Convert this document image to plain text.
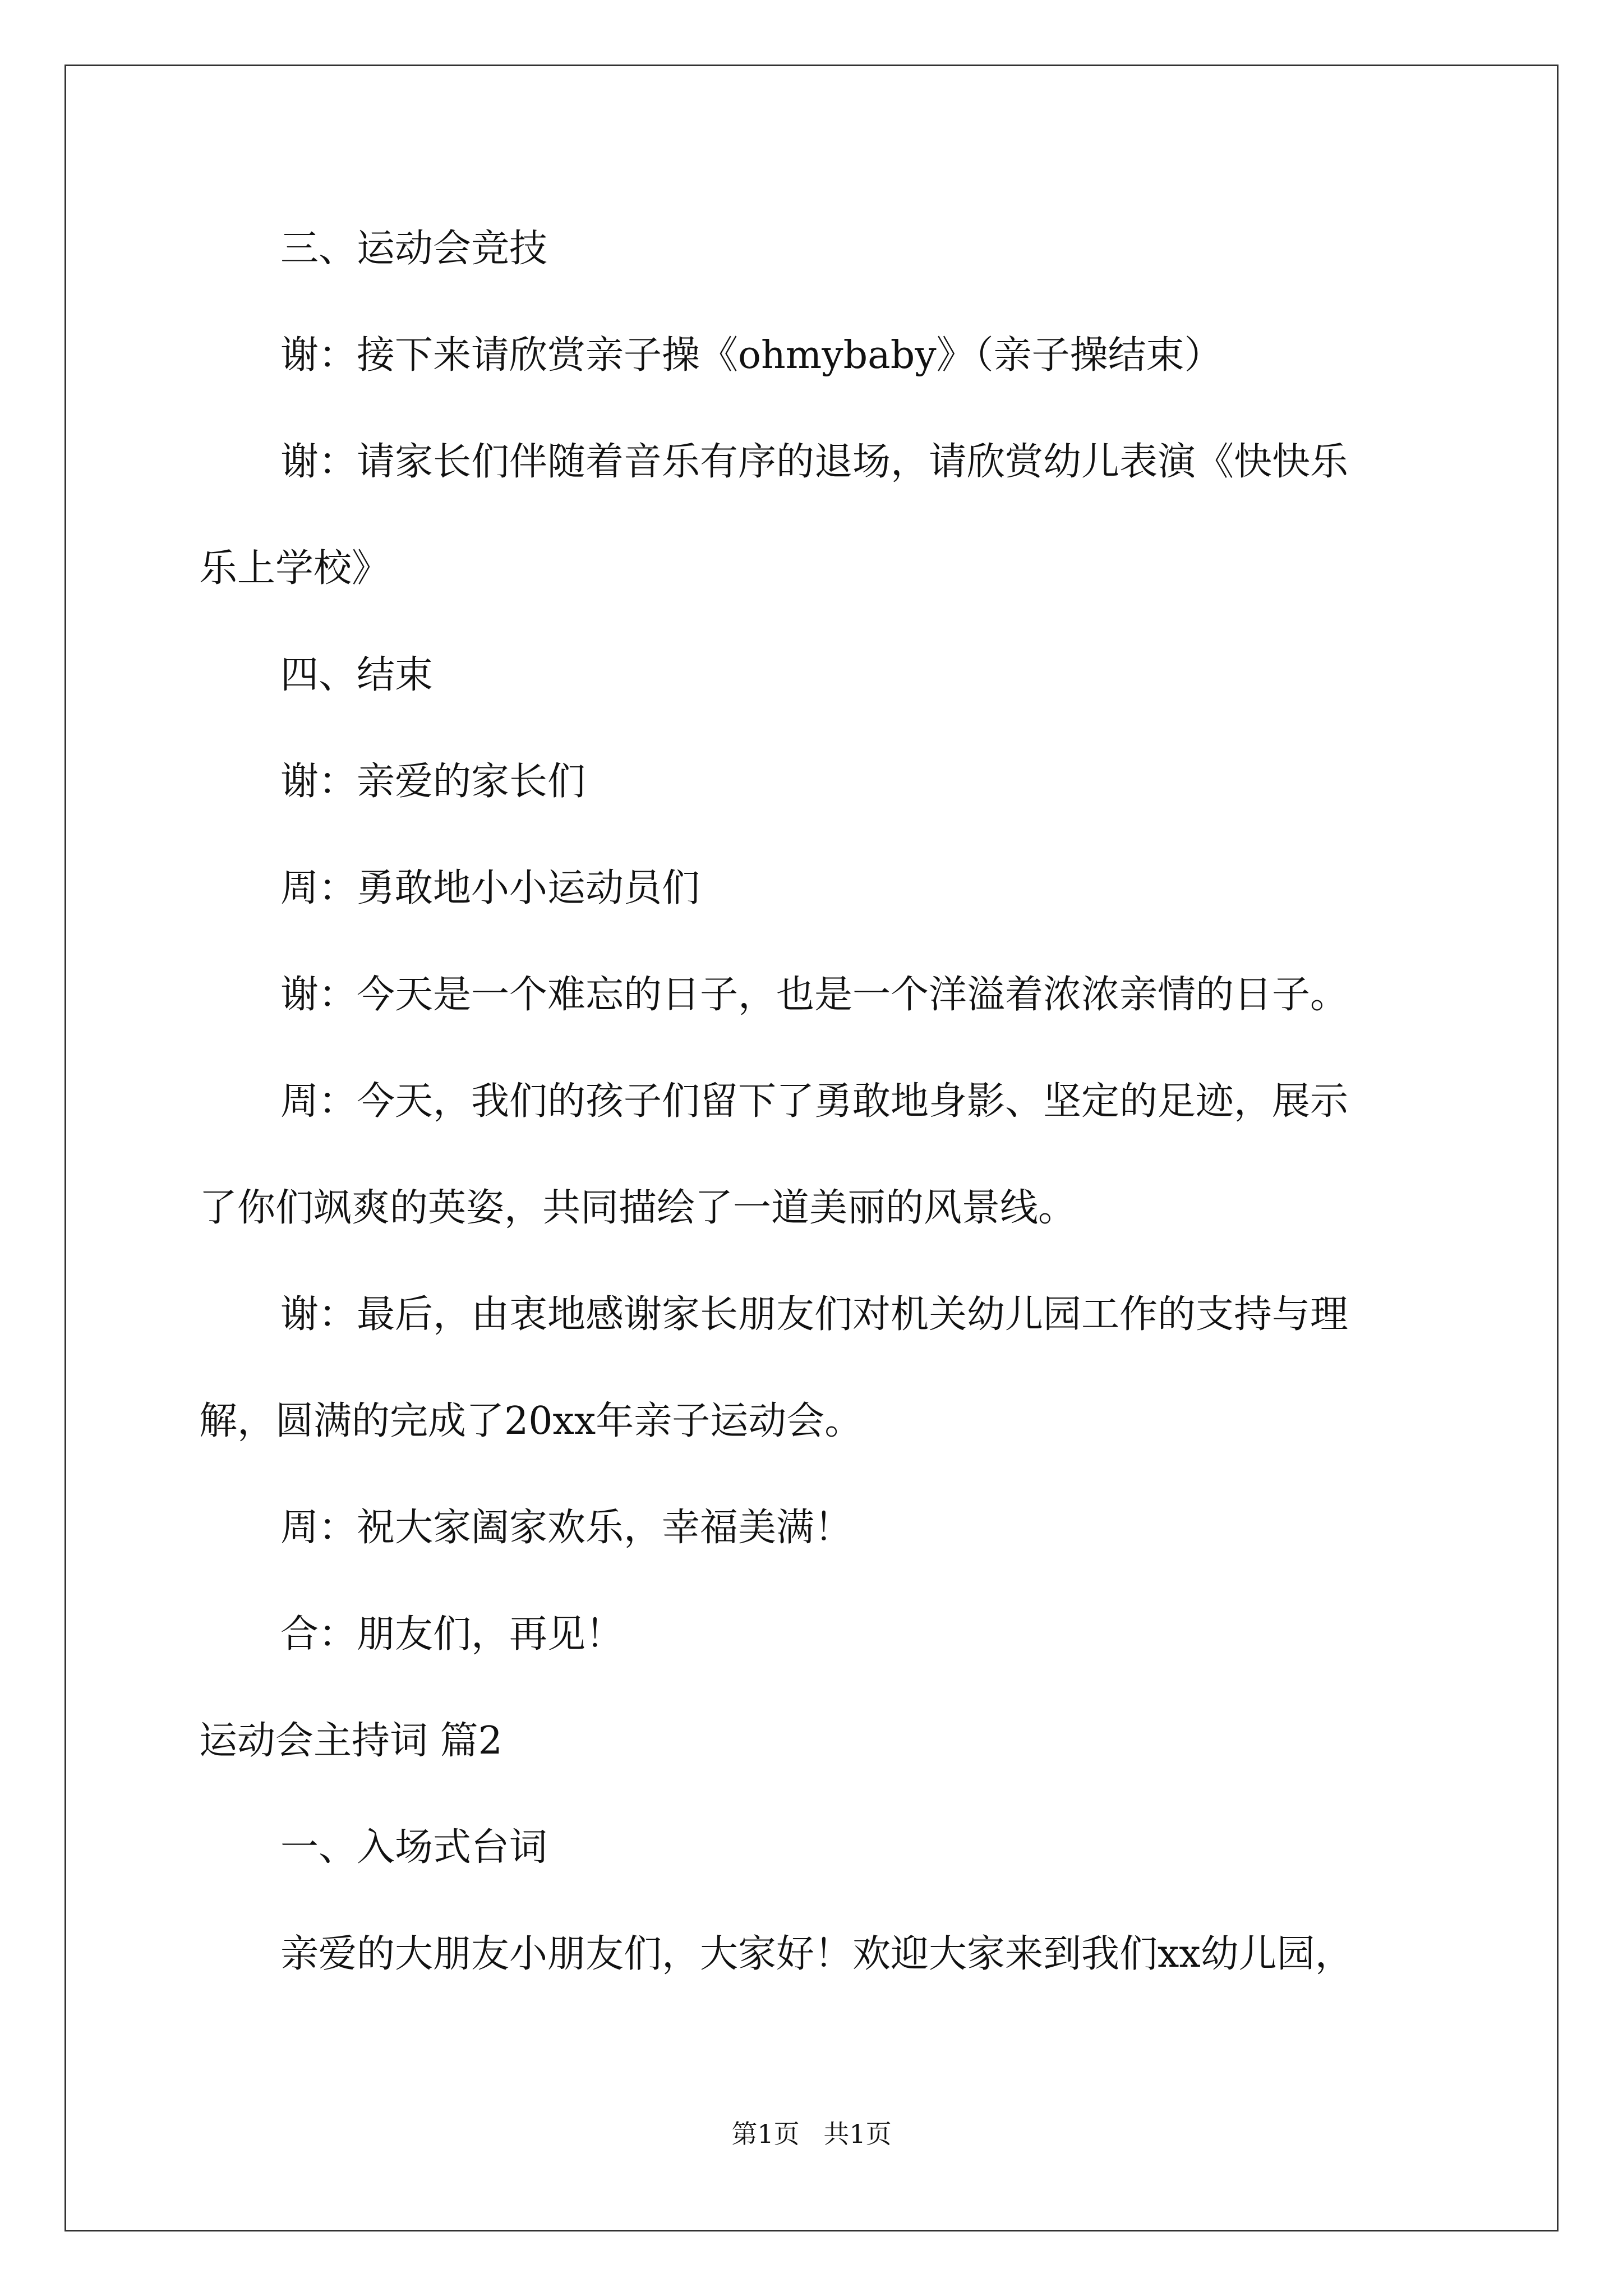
三、运动会竞技
谢：接下来请欣赏亲子操《ohmybaby》（亲子操结束）
谢：请家长们伴随着音乐有序的退场，请欣赏幼儿表演《快快乐
乐上学校》
四、结束
谢：亲爱的家长们
周：勇敢地小小运动员们
谢：今天是一个难忘的日子，也是一个洋溢着浓浓亲情的日子。
周：今天，我们的孩子们留下了勇敢地身影、坚定的足迹，展示
了你们飒爽的英姿，共同描绘了一道美丽的风景线。
谢：最后，由衷地感谢家长朋友们对机关幼儿园工作的支持与理
解，圆满的完成了20xx年亲子运动会。
周：祝大家阖家欢乐，幸福美满！
合：朋友们，再见！
运动会主持词 篇2
一、入场式台词
亲爱的大朋友小朋友们，大家好！欢迎大家来到我们xx幼儿园，
第1页 共1页
